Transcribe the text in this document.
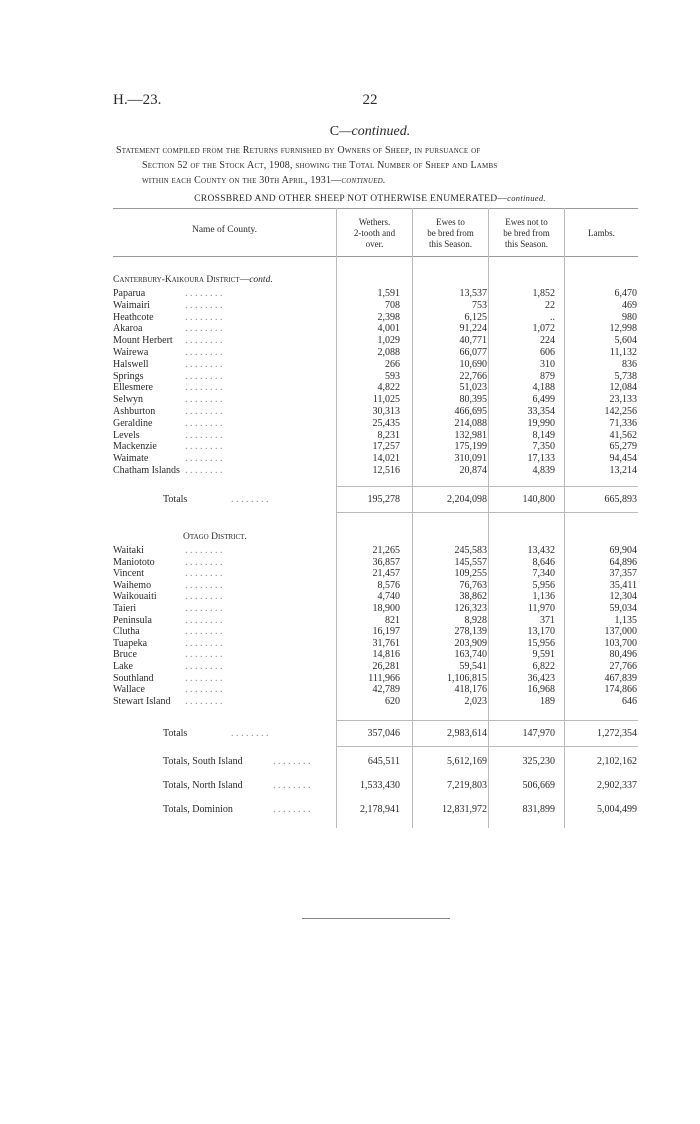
H.—23.	22
C—continued.
Statement compiled from the Returns furnished by Owners of Sheep, in pursuance of
Section 52 of the Stock Act, 1908, showing the Total Number of Sheep and Lambs
within each County on the 30th April, 1931—continued.
CROSSBRED AND OTHER SHEEP NOT OTHERWISE ENUMERATED—continued.
Name of County.
Wethers.
2-tooth and
over.
Ewes to
be bred from
this Season.
Ewes not to
be bred from
this Season.
Lambs.
Canterbury-Kaikoura District—contd.
Paparua	. . . . . . . .	1,591	13,537	1,852	6,470
Waimairi	. . . . . . . .	708	753	22	469
Heathcote	. . . . . . . .	2,398	6,125	..	980
Akaroa	. . . . . . . .	4,001	91,224	1,072	12,998
Mount Herbert . . . . . . . .	1,029	40,771	224	5,604
Wairewa	. . . . . . . .	2,088	66,077	606	11,132
Halswell	. . . . . . . .	266	10,690	310	836
Springs	. . . . . . . .	593	22,766	879	5,738
Ellesmere	. . . . . . . .	4,822	51,023	4,188	12,084
Selwyn	. . . . . . . .	11,025	80,395	6,499	23,133
Ashburton	. . . . . . . .	30,313	466,695	33,354	142,256
Geraldine	. . . . . . . .	25,435	214,088	19,990	71,336
Levels	. . . . . . . .	8,231	132,981	8,149	41,562
Mackenzie	. . . . . . . .	17,257	175,199	7,350	65,279
Waimate	. . . . . . . .	14,021	310,091	17,133	94,454
Chatham Islands . . . . . . . .	12,516	20,874	4,839	13,214
Totals	. . . . . . . .	195,278	2,204,098	140,800	665,893
Otago District.
Waitaki	. . . . . . . .	21,265	245,583	13,432	69,904
Maniototo	. . . . . . . .	36,857	145,557	8,646	64,896
Vincent	. . . . . . . .	21,457	109,255	7,340	37,357
Waihemo	. . . . . . . .	8,576	76,763	5,956	35,411
Waikouaiti	. . . . . . . .	4,740	38,862	1,136	12,304
Taieri	. . . . . . . .	18,900	126,323	11,970	59,034
Peninsula	. . . . . . . .	821	8,928	371	1,135
Clutha	. . . . . . . .	16,197	278,139	13,170	137,000
Tuapeka	. . . . . . . .	31,761	203,909	15,956	103,700
Bruce	. . . . . . . .	14,816	163,740	9,591	80,496
Lake	. . . . . . . .	26,281	59,541	6,822	27,766
Southland	. . . . . . . .	111,966	1,106,815	36,423	467,839
Wallace	. . . . . . . .	42,789	418,176	16,968	174,866
Stewart Island . . . . . . . .	620	2,023	189	646
Totals	. . . . . . . .	357,046	2,983,614	147,970	1,272,354
Totals, South Island	. . . . . . . .	645,511	5,612,169	325,230	2,102,162
Totals, North Island	. . . . . . . .	1,533,430	7,219,803	506,669	2,902,337
Totals, Dominion	. . . . . . . .	2,178,941	12,831,972	831,899	5,004,499
